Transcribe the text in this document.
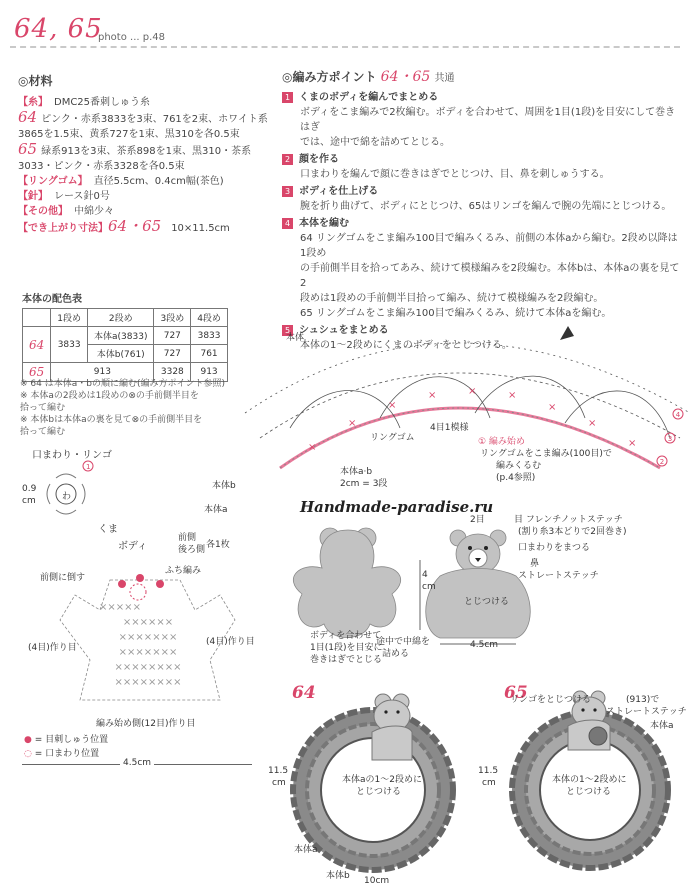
64, 65
photo ... p.48
◎材料
【糸】 DMC25番刺しゅう糸
64 ピンク・赤系3833を3束、761を2束、ホワイト系
3865を1.5束、黄系727を1束、黒310を各0.5束
65 緑系913を3束、茶系898を1束、黒310・茶系
3033・ピンク・赤系3328を各0.5束
【リングゴム】 直径5.5cm、0.4cm幅(茶色)
【針】 レース針0号
【その他】 中綿少々
【でき上がり寸法】64・65 10×11.5cm
◎編み方ポイント 64・65 共通
1 くまのボディを編んでまとめる
ボディをこま編みで2枚編む。ボディを合わせて、周囲を1目(1段)を目安にして巻きはぎ
では、途中で綿を詰めてとじる。
2 顔を作る
口まわりを編んで顔に巻きはぎでとじつけ、目、鼻を刺しゅうする。
3 ボディを仕上げる
腕を折り曲げて、ボディにとじつけ、65はリンゴを編んで腕の先端にとじつける。
4 本体を編む
64 リングゴムをこま編み100目で編みくるみ、前側の本体aから編む。2段め以降は1段め
の手前側半目を拾ってあみ、続けて模様編みを2段編む。本体bは、本体aの裏を見て2
段めは1段めの手前側半目拾って編み、続けて模様編みを2段編む。
65 リングゴムをこま編み100目で編みくるみ、続けて本体aを編む。
5 シュシュをまとめる
本体の1〜2段めにくまのボディをとじつける。
本体の配色表
	1段め	2段め	3段め	4段め
64	3833	本体a(3833)	727	3833
		本体b(761)	727	761
65	913		3328	913
※ 64 は本体a・bの順に編む(編み方ポイント参照)
※ 本体aの2段めは1段めの⊗の手前側半目を
拾って編む
※ 本体bは本体aの裏を見て⊗の手前側半目を
拾って編む
×
×
×
×	×	×
×
×
×
4
3
2
本体
リングゴム
4目1模様
① 編み始め
リングゴムをこま編み(100目)で
編みくるむ
(p.4参照)
本体a·b
2cm = 3段
本体b
本体a	Handmade-paradise.ru
口まわり・リンゴ
1
わ
0.9
cm
くま
ボディ
前側
後ろ側 各1枚
前側に倒す
ふち編み
×××××
××××××
×××××××
×××××××
××××××××
××××××××
(4目)作り目
(4目)作り目
編み始め側(12目)作り目
● = 目刺しゅう位置
◌ = 口まわり位置
4.5cm
2目	目 フレンチノットステッチ
(割り糸3本どりで2回巻き)
口まわりをまつる
鼻
ストレートステッチ
4
cm
とじつける
ボディを合わせて
1目(1段)を目安に
巻きはぎでとじる
途中で中綿を
詰める
4.5cm
64
本体aの1〜2段めに
とじつける
11.5
cm
本体a
本体b 10cm
65
リンゴをとじつける	(913)で
ストレートステッチ
本体a
本体の1〜2段めに
とじつける
11.5
cm
